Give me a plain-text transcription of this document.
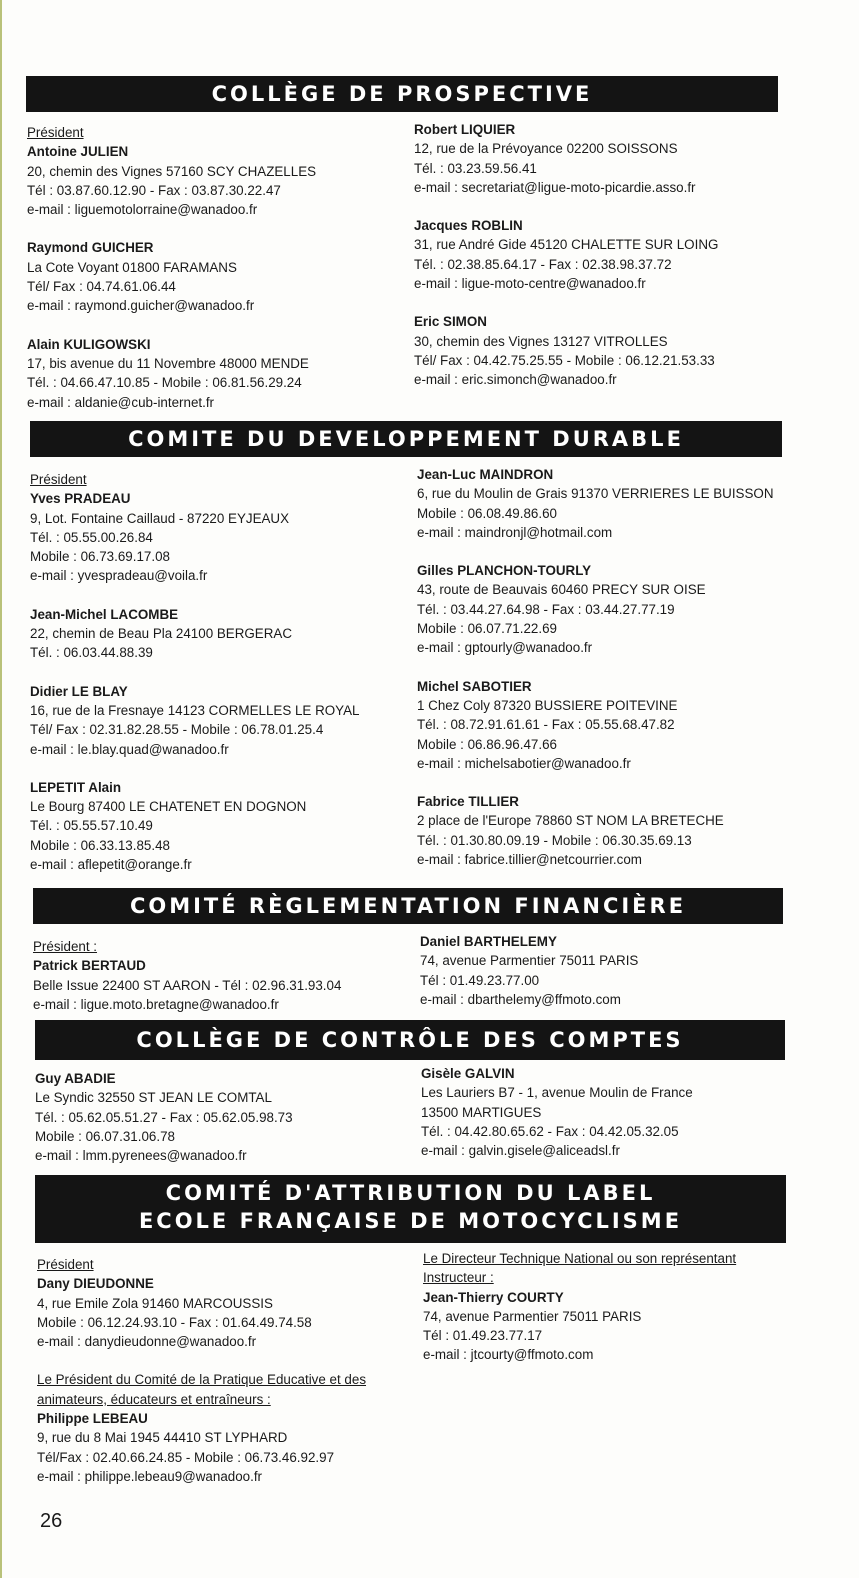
COLLÈGE DE PROSPECTIVE
Président
Antoine JULIEN
20, chemin des Vignes 57160 SCY CHAZELLES
Tél : 03.87.60.12.90 - Fax : 03.87.30.22.47
e-mail : liguemotolorraine@wanadoo.fr
Raymond GUICHER
La Cote Voyant 01800 FARAMANS
Tél/ Fax : 04.74.61.06.44
e-mail : raymond.guicher@wanadoo.fr
Alain KULIGOWSKI
17, bis avenue du 11 Novembre 48000 MENDE
Tél. : 04.66.47.10.85 - Mobile : 06.81.56.29.24
e-mail : aldanie@cub-internet.fr
Robert LIQUIER
12, rue de la Prévoyance 02200 SOISSONS
Tél. : 03.23.59.56.41
e-mail : secretariat@ligue-moto-picardie.asso.fr
Jacques ROBLIN
31, rue André Gide 45120 CHALETTE SUR LOING
Tél. : 02.38.85.64.17 - Fax : 02.38.98.37.72
e-mail : ligue-moto-centre@wanadoo.fr
Eric SIMON
30, chemin des Vignes 13127 VITROLLES
Tél/ Fax : 04.42.75.25.55 - Mobile : 06.12.21.53.33
e-mail : eric.simonch@wanadoo.fr
COMITE DU DEVELOPPEMENT DURABLE
Président
Yves PRADEAU
9, Lot. Fontaine Caillaud - 87220 EYJEAUX
Tél. : 05.55.00.26.84
Mobile : 06.73.69.17.08
e-mail : yvespradeau@voila.fr
Jean-Michel LACOMBE
22, chemin de Beau Pla 24100 BERGERAC
Tél. : 06.03.44.88.39
Didier LE BLAY
16, rue de la Fresnaye 14123 CORMELLES LE ROYAL
Tél/ Fax : 02.31.82.28.55 - Mobile : 06.78.01.25.4
e-mail : le.blay.quad@wanadoo.fr
LEPETIT Alain
Le Bourg 87400 LE CHATENET EN DOGNON
Tél. : 05.55.57.10.49
Mobile : 06.33.13.85.48
e-mail : aflepetit@orange.fr
Jean-Luc MAINDRON
6, rue du Moulin de Grais 91370 VERRIERES LE BUISSON
Mobile : 06.08.49.86.60
e-mail : maindronjl@hotmail.com
Gilles PLANCHON-TOURLY
43, route de Beauvais 60460 PRECY SUR OISE
Tél. : 03.44.27.64.98 - Fax : 03.44.27.77.19
Mobile : 06.07.71.22.69
e-mail : gptourly@wanadoo.fr
Michel SABOTIER
1 Chez Coly 87320 BUSSIERE POITEVINE
Tél. : 08.72.91.61.61 - Fax : 05.55.68.47.82
Mobile : 06.86.96.47.66
e-mail : michelsabotier@wanadoo.fr
Fabrice TILLIER
2 place de l'Europe 78860 ST NOM LA BRETECHE
Tél. : 01.30.80.09.19 - Mobile : 06.30.35.69.13
e-mail : fabrice.tillier@netcourrier.com
COMITÉ RÈGLEMENTATION FINANCIÈRE
Président :
Patrick BERTAUD
Belle Issue 22400 ST AARON - Tél : 02.96.31.93.04
e-mail : ligue.moto.bretagne@wanadoo.fr
Daniel BARTHELEMY
74, avenue Parmentier 75011 PARIS
Tél : 01.49.23.77.00
e-mail : dbarthelemy@ffmoto.com
COLLÈGE DE CONTRÔLE DES COMPTES
Guy ABADIE
Le Syndic 32550 ST JEAN LE COMTAL
Tél. : 05.62.05.51.27 - Fax : 05.62.05.98.73
Mobile : 06.07.31.06.78
e-mail : lmm.pyrenees@wanadoo.fr
Gisèle GALVIN
Les Lauriers B7 - 1, avenue Moulin de France
13500 MARTIGUES
Tél. : 04.42.80.65.62 - Fax : 04.42.05.32.05
e-mail : galvin.gisele@aliceadsl.fr
COMITÉ D'ATTRIBUTION DU LABEL
ECOLE FRANÇAISE DE MOTOCYCLISME
Président
Dany DIEUDONNE
4, rue Emile Zola 91460 MARCOUSSIS
Mobile : 06.12.24.93.10 - Fax : 01.64.49.74.58
e-mail : danydieudonne@wanadoo.fr
Le Président du Comité de la Pratique Educative et des
animateurs, éducateurs et entraîneurs :
Philippe LEBEAU
9, rue du 8 Mai 1945 44410 ST LYPHARD
Tél/Fax : 02.40.66.24.85 - Mobile : 06.73.46.92.97
e-mail : philippe.lebeau9@wanadoo.fr
Le Directeur Technique National ou son représentant
Instructeur :
Jean-Thierry COURTY
74, avenue Parmentier 75011 PARIS
Tél : 01.49.23.77.17
e-mail : jtcourty@ffmoto.com
26
